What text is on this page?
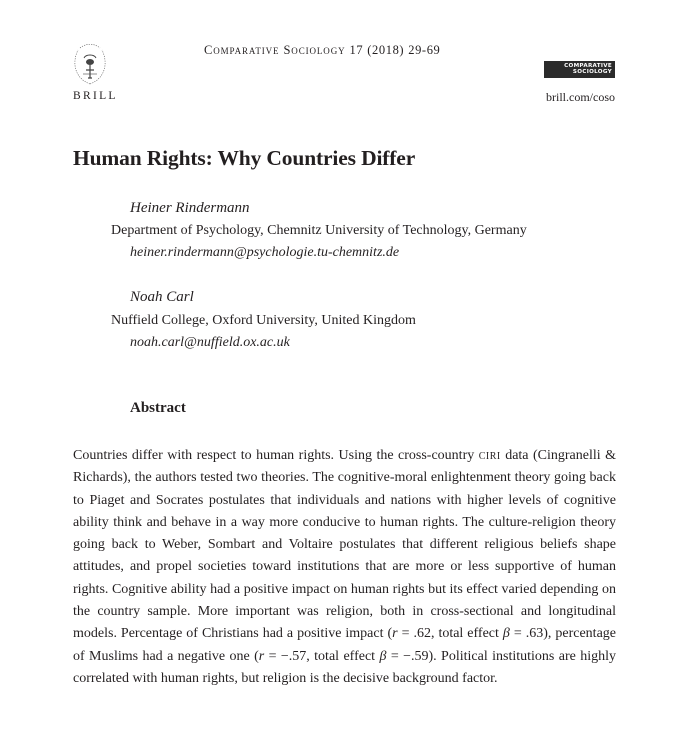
BRILL
Comparative Sociology 17 (2018) 29-69
COMPARATIVE
SOCIOLOGY
brill.com/coso
Human Rights: Why Countries Differ
Heiner Rindermann
Department of Psychology, Chemnitz University of Technology, Germany
heiner.rindermann@psychologie.tu-chemnitz.de
Noah Carl
Nuffield College, Oxford University, United Kingdom
noah.carl@nuffield.ox.ac.uk
Abstract

Countries differ with respect to human rights. Using the cross-country ciri data (Cingranelli & Richards), the authors tested two theories. The cognitive-moral enlightenment theory going back to Piaget and Socrates postulates that individuals and nations with higher levels of cognitive ability think and behave in a way more conducive to human rights. The culture-religion theory going back to Weber, Sombart and Voltaire postulates that different religious beliefs shape attitudes, and propel societies toward institutions that are more or less supportive of human rights. Cognitive ability had a positive impact on human rights but its effect varied depending on the country sample. More important was religion, both in cross-sectional and longitudinal models. Percentage of Christians had a positive impact (r = .62, total effect β = .63), percentage of Muslims had a negative one (r = −.57, total effect β = −.59). Political institutions are highly correlated with human rights, but religion is the decisive background factor.
